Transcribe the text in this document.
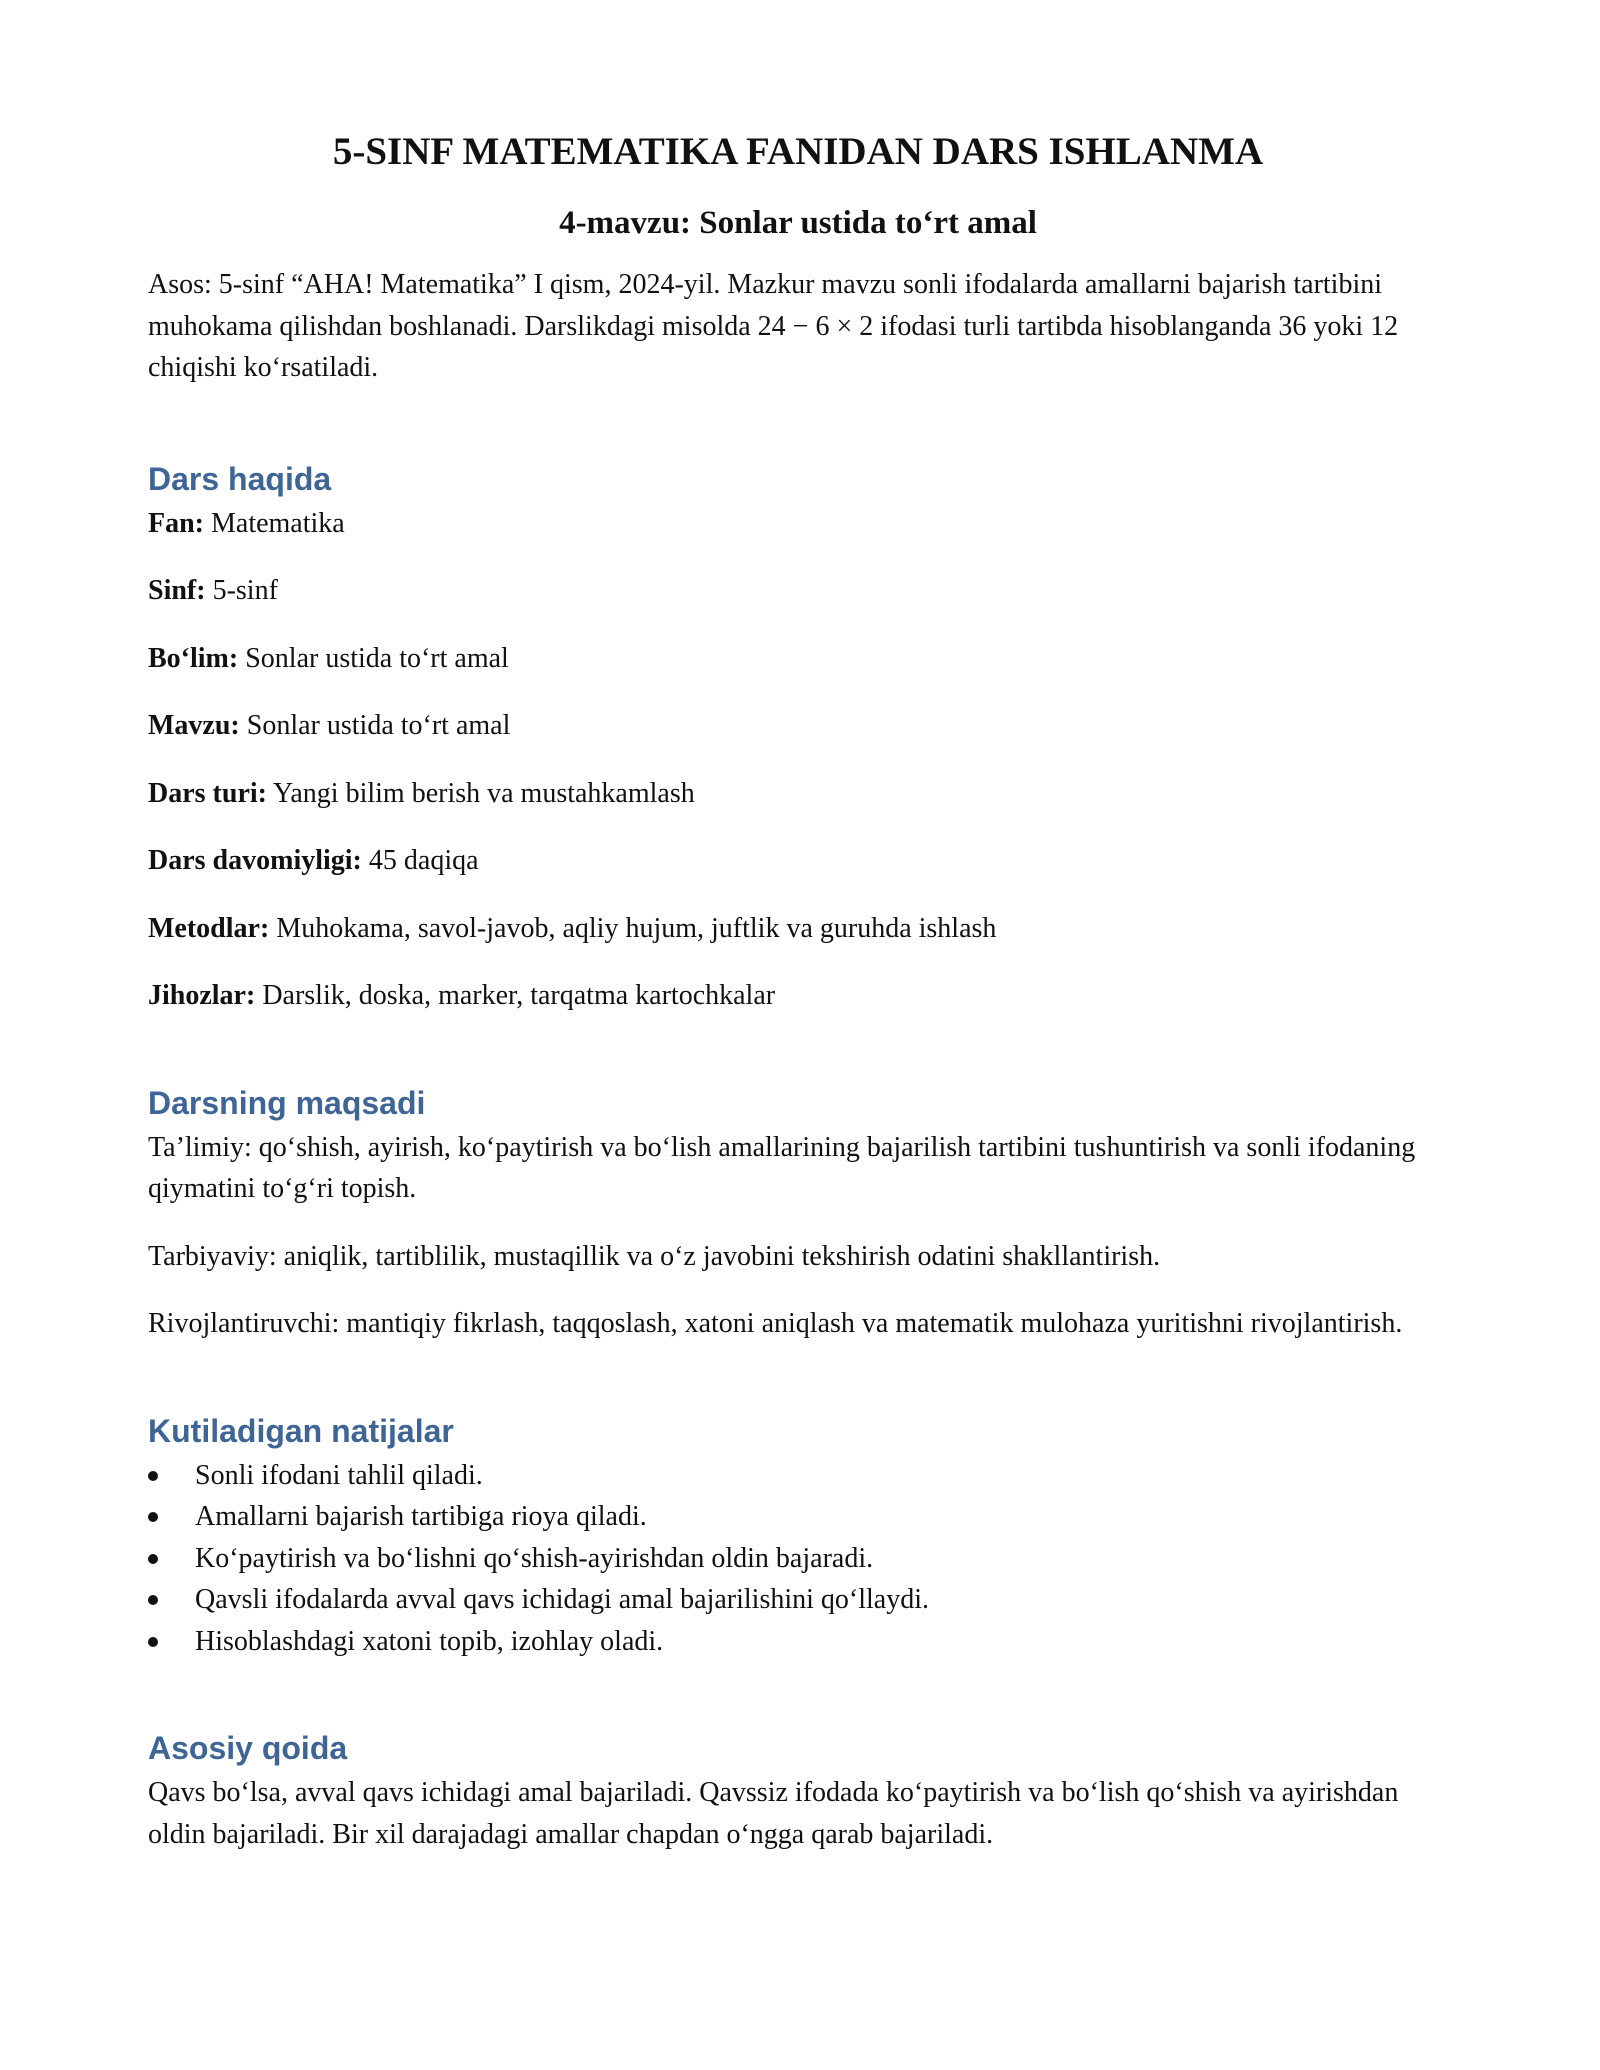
5-SINF MATEMATIKA FANIDAN DARS ISHLANMA
4-mavzu: Sonlar ustida to‘rt amal

Asos: 5-sinf “AHA! Matematika” I qism, 2024-yil. Mazkur mavzu sonli ifodalarda amallarni bajarish tartibini muhokama qilishdan boshlanadi. Darslikdagi misolda 24 − 6 × 2 ifodasi turli tartibda hisoblanganda 36 yoki 12 chiqishi ko‘rsatiladi.

Dars haqida

Fan: Matematika

Sinf: 5-sinf

Bo‘lim: Sonlar ustida to‘rt amal

Mavzu: Sonlar ustida to‘rt amal

Dars turi: Yangi bilim berish va mustahkamlash

Dars davomiyligi: 45 daqiqa

Metodlar: Muhokama, savol-javob, aqliy hujum, juftlik va guruhda ishlash

Jihozlar: Darslik, doska, marker, tarqatma kartochkalar

Darsning maqsadi

Ta’limiy: qo‘shish, ayirish, ko‘paytirish va bo‘lish amallarining bajarilish tartibini tushuntirish va sonli ifodaning qiymatini to‘g‘ri topish.

Tarbiyaviy: aniqlik, tartiblilik, mustaqillik va o‘z javobini tekshirish odatini shakllantirish.

Rivojlantiruvchi: mantiqiy fikrlash, taqqoslash, xatoni aniqlash va matematik mulohaza yuritishni rivojlantirish.

Kutiladigan natijalar
Sonli ifodani tahlil qiladi.
Amallarni bajarish tartibiga rioya qiladi.
Ko‘paytirish va bo‘lishni qo‘shish-ayirishdan oldin bajaradi.
Qavsli ifodalarda avval qavs ichidagi amal bajarilishini qo‘llaydi.
Hisoblashdagi xatoni topib, izohlay oladi.
Asosiy qoida

Qavs bo‘lsa, avval qavs ichidagi amal bajariladi. Qavssiz ifodada ko‘paytirish va bo‘lish qo‘shish va ayirishdan oldin bajariladi. Bir xil darajadagi amallar chapdan o‘ngga qarab bajariladi.
